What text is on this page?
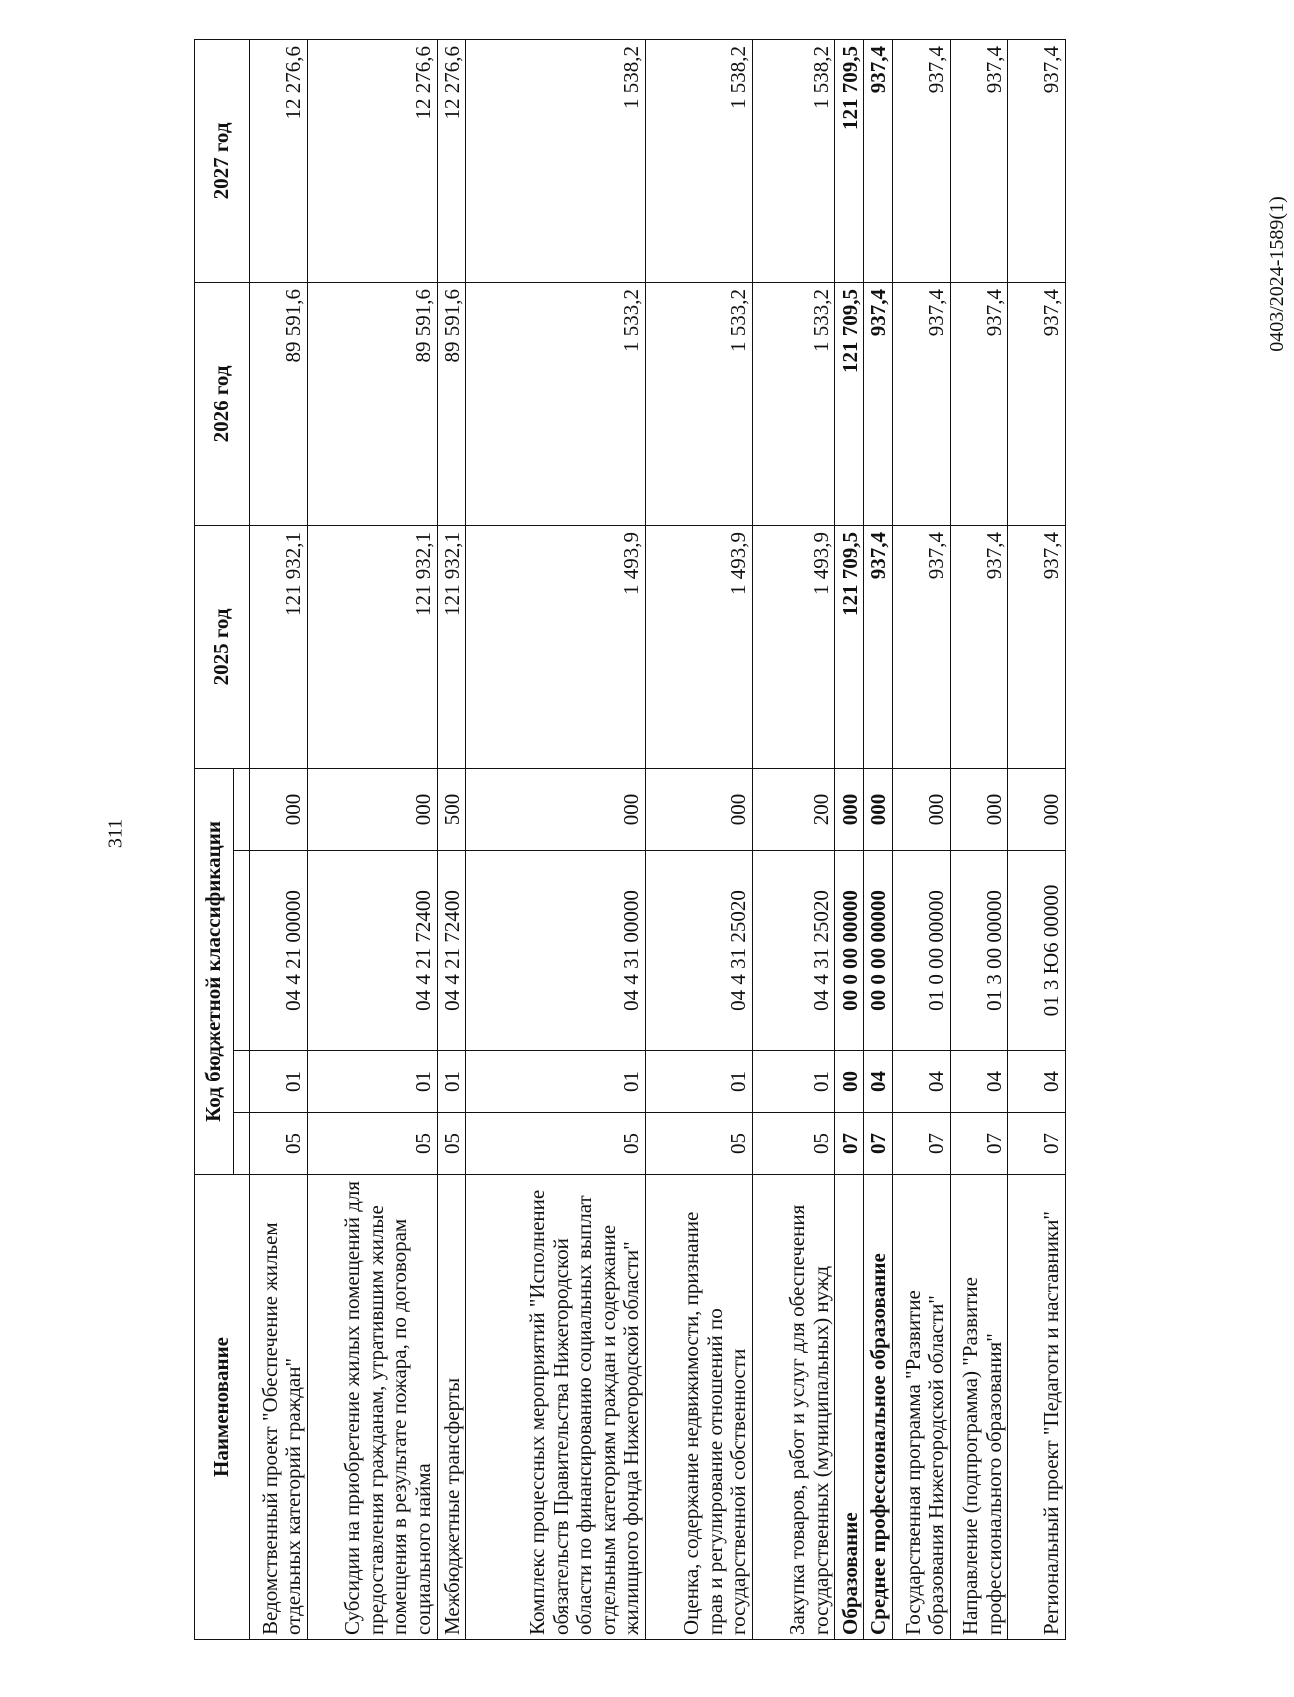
311
Наименование	Код бюджетной классификации				2025 год	2026 год	2027 год

Ведомственный проект "Обеспечение жильем отдельных категорий граждан"	05	01	04 4 21 00000	000	121 932,1	89 591,6	12 276,6
Субсидии на приобретение жилых помещений для предоставления гражданам, утратившим жилые помещения в результате пожара, по договорам социального найма	05	01	04 4 21 72400	000	121 932,1	89 591,6	12 276,6
Межбюджетные трансферты	05	01	04 4 21 72400	500	121 932,1	89 591,6	12 276,6
Комплекс процессных мероприятий "Исполнение обязательств Правительства Нижегородской области по финансированию социальных выплат отдельным категориям граждан и содержание жилищного фонда Нижегородской области"	05	01	04 4 31 00000	000	1 493,9	1 533,2	1 538,2
Оценка, содержание недвижимости, признание прав и регулирование отношений по государственной собственности	05	01	04 4 31 25020	000	1 493,9	1 533,2	1 538,2
Закупка товаров, работ и услуг для обеспечения государственных (муниципальных) нужд	05	01	04 4 31 25020	200	1 493,9	1 533,2	1 538,2
Образование	07	00	00 0 00 00000	000	121 709,5	121 709,5	121 709,5
Среднее профессиональное образование	07	04	00 0 00 00000	000	937,4	937,4	937,4
Государственная программа "Развитие образования Нижегородской области"	07	04	01 0 00 00000	000	937,4	937,4	937,4
Направление (подпрограмма) "Развитие профессионального образования"	07	04	01 3 00 00000	000	937,4	937,4	937,4
Региональный проект "Педагоги и наставники"	07	04	01 3 Ю6 00000	000	937,4	937,4	937,4
0403/2024-1589(1)
